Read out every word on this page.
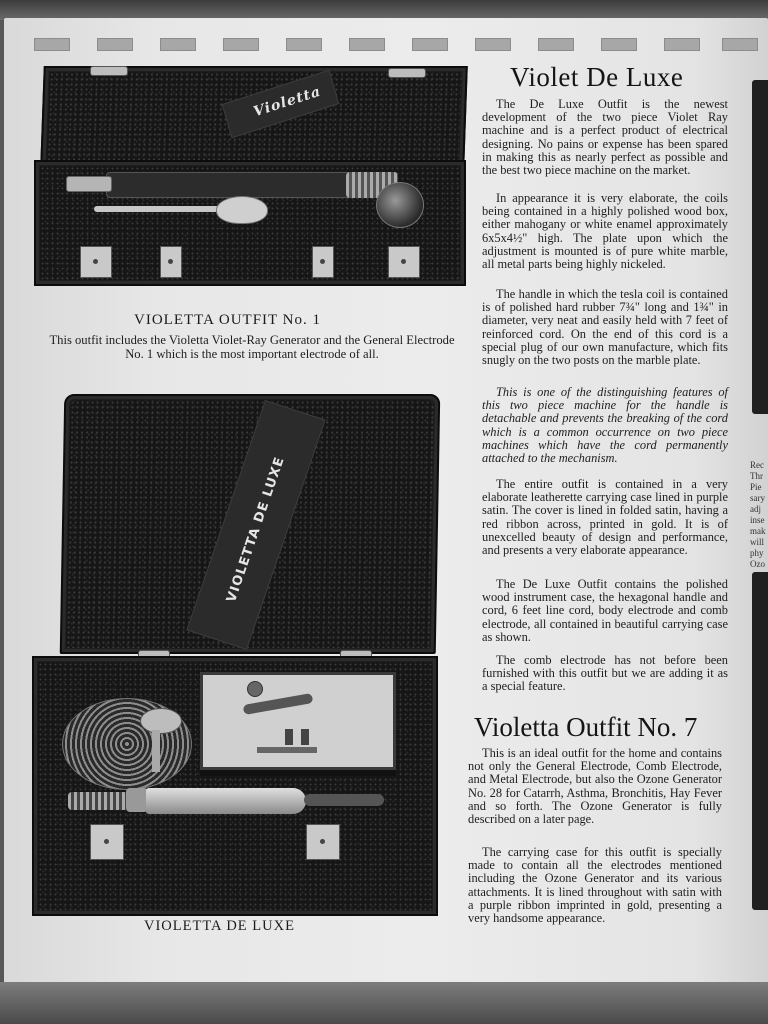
Violetta
VIOLETTA OUTFIT No. 1
This outfit includes the Violetta Violet-Ray Generator and the General Electrode No. 1 which is the most important electrode of all.
VIOLETTA DE LUXE
VIOLETTA DE LUXE
Violet De Luxe
The De Luxe Outfit is the newest development of the two piece Violet Ray machine and is a perfect product of electrical designing. No pains or expense has been spared in making this as nearly perfect as possible and the best two piece machine on the market.
In appearance it is very elaborate, the coils being contained in a highly polished wood box, either mahogany or white enamel approximately 6x5x4½" high. The plate upon which the adjustment is mounted is of pure white marble, all metal parts being highly nickeled.
The handle in which the tesla coil is contained is of polished hard rubber 7¾" long and 1¾" in diameter, very neat and easily held with 7 feet of reinforced cord. On the end of this cord is a special plug of our own manufacture, which fits snugly on the two posts on the marble plate.
This is one of the distinguishing features of this two piece machine for the handle is detachable and prevents the breaking of the cord which is a common occurrence on two piece machines which have the cord permanently attached to the mechanism.
The entire outfit is contained in a very elaborate leatherette carrying case lined in purple satin. The cover is lined in folded satin, having a red ribbon across, printed in gold. It is of unexcelled beauty of design and performance, and presents a very elaborate appearance.
The De Luxe Outfit contains the polished wood instrument case, the hexagonal handle and cord, 6 feet line cord, body electrode and comb electrode, all contained in beautiful carrying case as shown.
The comb electrode has not before been furnished with this outfit but we are adding it as a special feature.
Violetta Outfit No. 7
This is an ideal outfit for the home and contains not only the General Electrode, Comb Electrode, and Metal Electrode, but also the Ozone Generator No. 28 for Catarrh, Asthma, Bronchitis, Hay Fever and so forth. The Ozone Generator is fully described on a later page.
The carrying case for this outfit is specially made to contain all the electrodes mentioned including the Ozone Generator and its various attachments. It is lined throughout with satin with a purple ribbon imprinted in gold, presenting a very handsome appearance.
Rec
Thr
Pie
sary
adj
inse
mak
will
phy
Ozo
